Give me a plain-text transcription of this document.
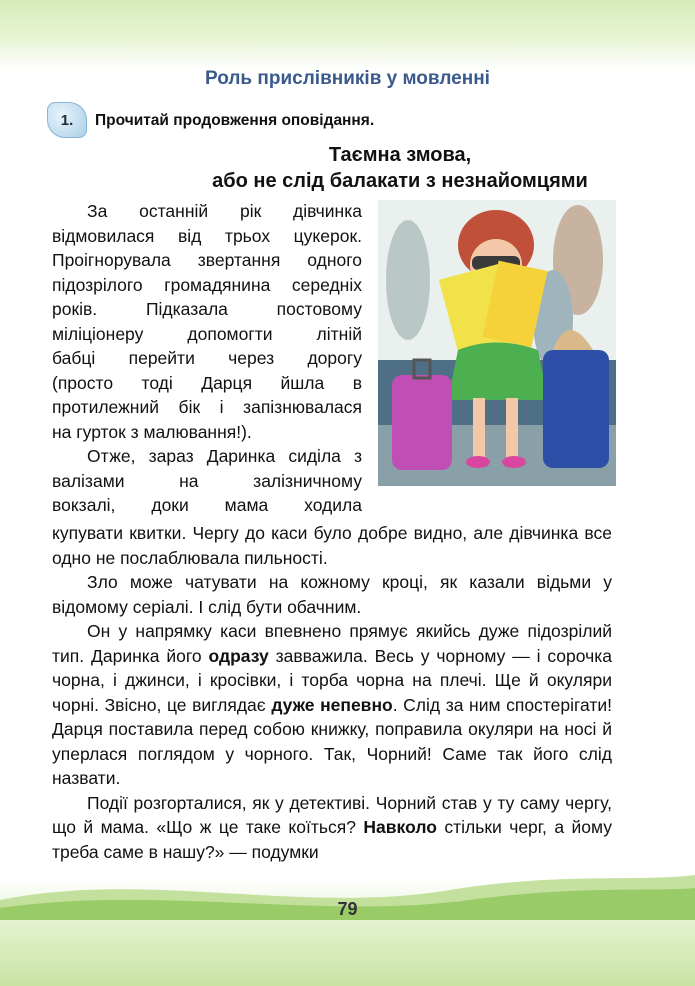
Роль прислівників у мовленні
1.	Прочитай продовження оповідання.
Таємна змова,
або не слід балакати з незнайомцями
За останній рік дівчинка
відмовилася від трьох цукерок.
Проігнорувала звертання одного
підозрілого громадянина середніх
років. Підказала постовому
міліціонеру допомогти літній
бабці перейти через дорогу
(просто тоді Дарця йшла в
протилежний бік і запізнювалася
на гурток з малювання!).
Отже, зараз Даринка сиділа з
валізами на залізничному
вокзалі, доки мама ходила

купувати квитки. Чергу до каси було добре видно, але дівчинка все одно не послаблювала пильності.

Зло може чатувати на кожному кроці, як казали відьми у відомому серіалі. І слід бути обачним.

Он у напрямку каси впевнено прямує якийсь дуже підозрілий тип. Даринка його одразу завважила. Весь у чорному — і сорочка чорна, і джинси, і кросівки, і торба чорна на плечі. Ще й окуляри чорні. Звісно, це виглядає дуже непевно. Слід за ним спостерігати! Дарця поставила перед собою книжку, поправила окуляри на носі й уперлася поглядом у чорного. Так, Чорний! Саме так його слід назвати.

Події розгорталися, як у детективі. Чорний став у ту саму чергу, що й мама. «Що ж це таке коїться? Навколо стільки черг, а йому треба саме в нашу?» — подумки

79
